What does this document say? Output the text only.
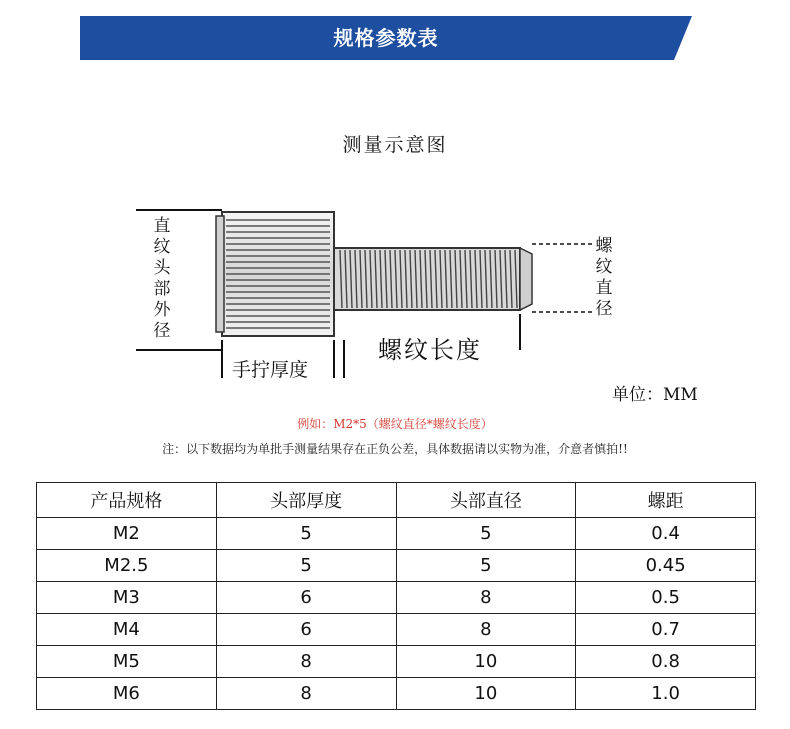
规格参数表
测量示意图
直
纹
头
部
外
径
螺
纹
直
径
手拧厚度
螺纹长度
单位：MM
例如：M2*5（螺纹直径*螺纹长度）
注：以下数据均为单批手测量结果存在正负公差，具体数据请以实物为准，介意者慎拍!!
产品规格	头部厚度	头部直径	螺距
M2	5	5	0.4
M2.5	5	5	0.45
M3	6	8	0.5
M4	6	8	0.7
M5	8	10	0.8
M6	8	10	1.0
